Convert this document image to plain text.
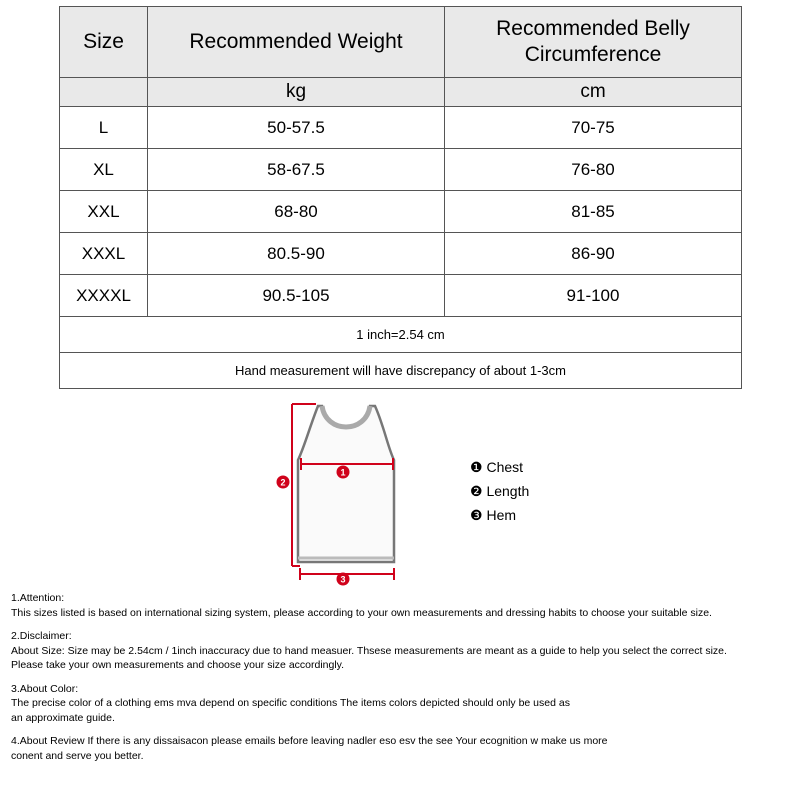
Size	Recommended Weight	Recommended Belly Circumference
	kg	cm
L	50-57.5	70-75
XL	58-67.5	76-80
XXL	68-80	81-85
XXXL	80.5-90	86-90
XXXXL	90.5-105	91-100
1 inch=2.54 cm		
Hand measurement will have discrepancy of about 1-3cm		
1
2
3
❶ Chest
❷ Length
❸ Hem

1.Attention:
This sizes listed is based on international sizing system, please according to your own measurements and dressing habits to choose your suitable size.

2.Disclaimer:
About Size: Size may be 2.54cm / 1inch inaccuracy due to hand measuer. Thsese measurements are meant as a guide to help you select the correct size.
Please take your own measurements and choose your size accordingly.

3.About Color:
The precise color of a clothing ems mva depend on specific conditions The items colors depicted should only be used as
an approximate guide.

4.About Review If there is any dissaisacon please emails before leaving nadler eso esv the see Your ecognition w make us more
conent and serve you better.
